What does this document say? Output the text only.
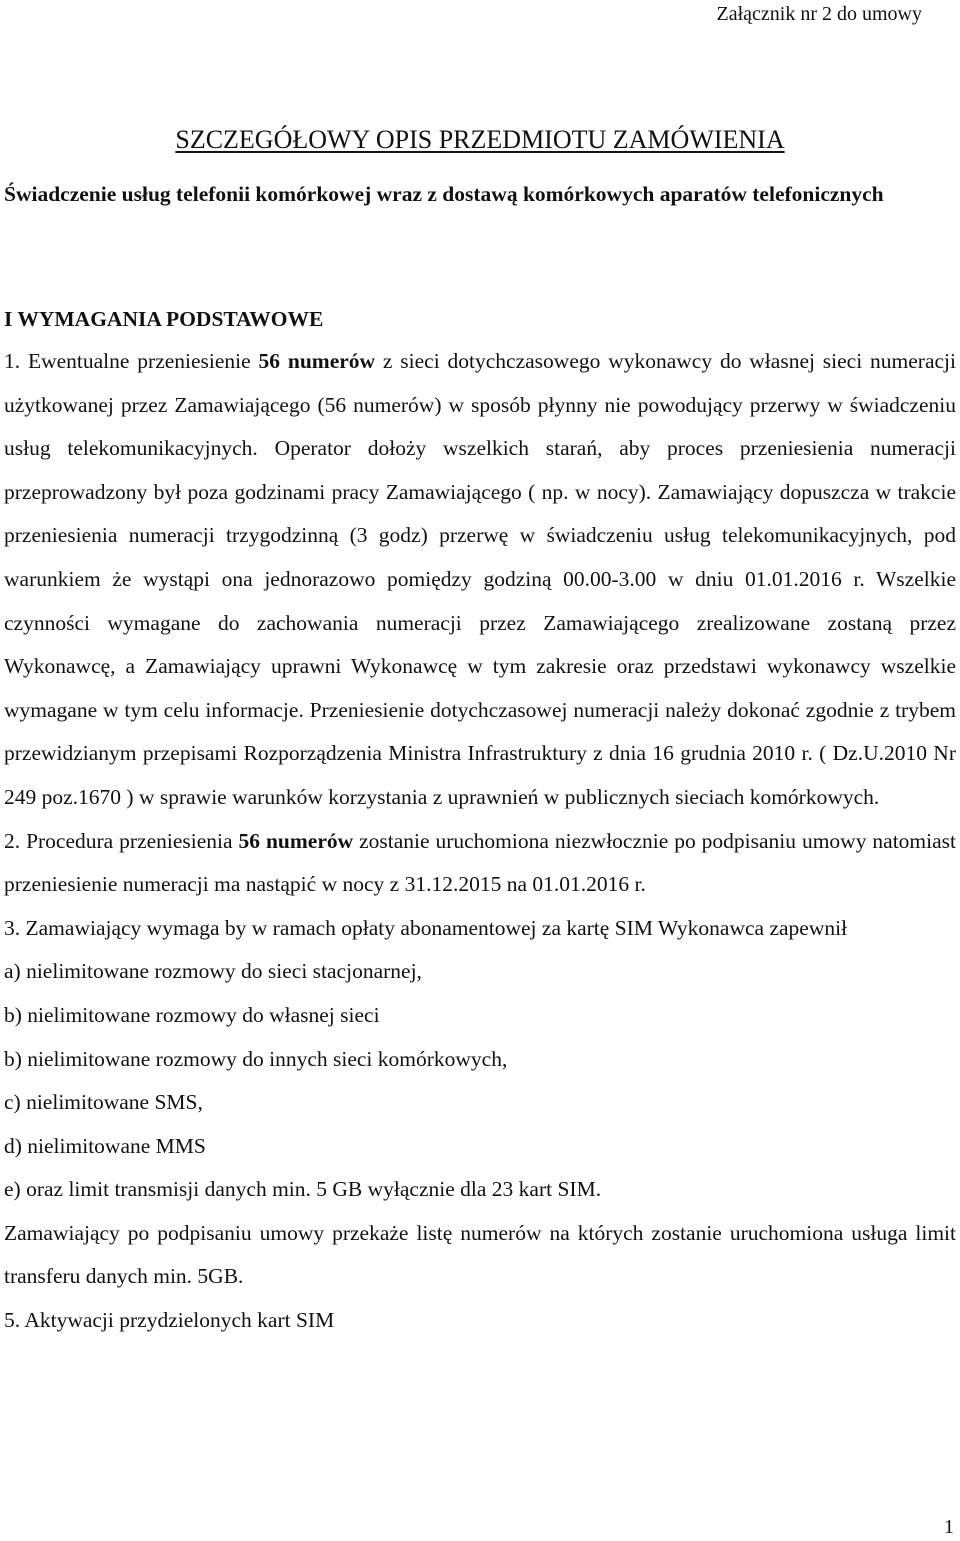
Załącznik nr 2 do umowy
SZCZEGÓŁOWY OPIS PRZEDMIOTU ZAMÓWIENIA
Świadczenie usług telefonii komórkowej wraz z dostawą komórkowych aparatów telefonicznych
I WYMAGANIA PODSTAWOWE

1. Ewentualne przeniesienie 56 numerów z sieci dotychczasowego wykonawcy do własnej sieci numeracji użytkowanej przez Zamawiającego (56 numerów) w sposób płynny nie powodujący przerwy w świadczeniu usług telekomunikacyjnych. Operator dołoży wszelkich starań, aby proces przeniesienia numeracji przeprowadzony był poza godzinami pracy Zamawiającego ( np. w nocy). Zamawiający dopuszcza w trakcie przeniesienia numeracji trzygodzinną (3 godz) przerwę w świadczeniu usług telekomunikacyjnych, pod warunkiem że wystąpi ona jednorazowo pomiędzy godziną 00.00-3.00 w dniu 01.01.2016 r. Wszelkie czynności wymagane do zachowania numeracji przez Zamawiającego zrealizowane zostaną przez Wykonawcę, a Zamawiający uprawni Wykonawcę w tym zakresie oraz przedstawi wykonawcy wszelkie wymagane w tym celu informacje. Przeniesienie dotychczasowej numeracji należy dokonać zgodnie z trybem przewidzianym przepisami Rozporządzenia Ministra Infrastruktury z dnia 16 grudnia 2010 r. ( Dz.U.2010 Nr 249 poz.1670 ) w sprawie warunków korzystania z uprawnień w publicznych sieciach komórkowych.

2. Procedura przeniesienia 56 numerów zostanie uruchomiona niezwłocznie po podpisaniu umowy natomiast przeniesienie numeracji ma nastąpić w nocy z 31.12.2015 na 01.01.2016 r.

3. Zamawiający wymaga by w ramach opłaty abonamentowej za kartę SIM Wykonawca zapewnił

a) nielimitowane rozmowy do sieci stacjonarnej,

b) nielimitowane rozmowy do własnej sieci

b) nielimitowane rozmowy do innych sieci komórkowych,

c) nielimitowane SMS,

d) nielimitowane MMS

e) oraz limit transmisji danych min. 5 GB wyłącznie dla 23 kart SIM.

Zamawiający po podpisaniu umowy przekaże listę numerów na których zostanie uruchomiona usługa limit transferu danych min. 5GB.

5. Aktywacji przydzielonych kart SIM

1
